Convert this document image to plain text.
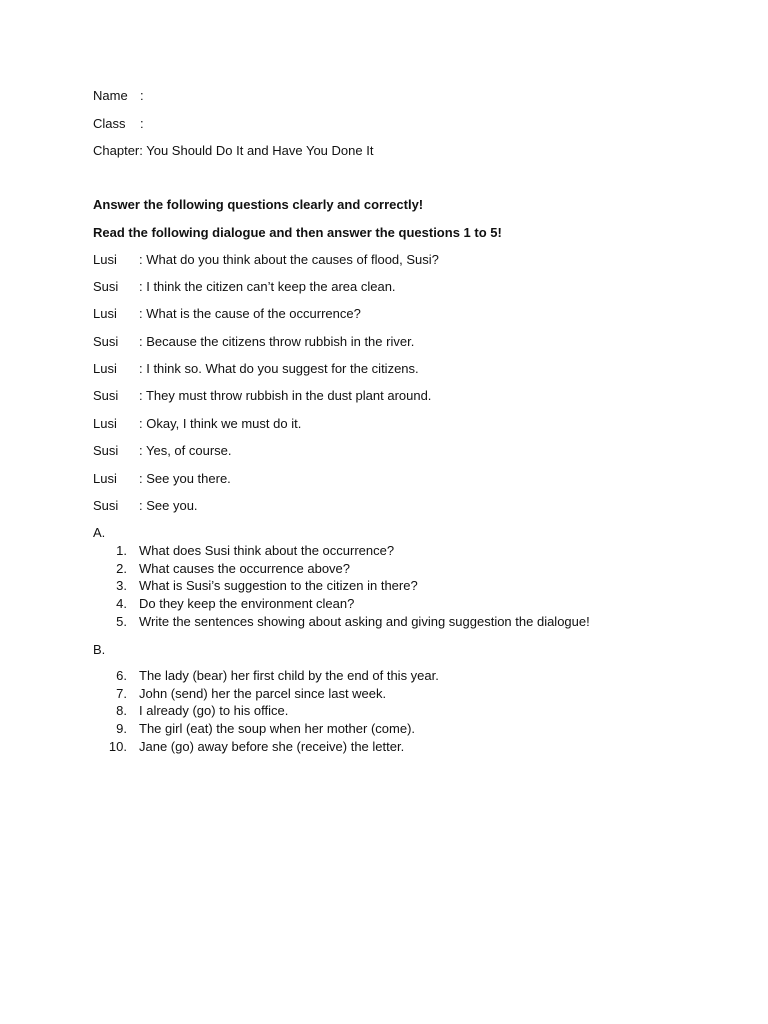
Name :
Class :
Chapter: You Should Do It and Have You Done It
Answer the following questions clearly and correctly!
Read the following dialogue and then answer the questions 1 to 5!
Lusi : What do you think about the causes of flood, Susi?
Susi : I think the citizen can’t keep the area clean.
Lusi : What is the cause of the occurrence?
Susi : Because the citizens throw rubbish in the river.
Lusi : I think so. What do you suggest for the citizens.
Susi : They must throw rubbish in the dust plant around.
Lusi : Okay, I think we must do it.
Susi : Yes, of course.
Lusi : See you there.
Susi : See you.
A.
1. What does Susi think about the occurrence?
2. What causes the occurrence above?
3. What is Susi’s suggestion to the citizen in there?
4. Do they keep the environment clean?
5. Write the sentences showing about asking and giving suggestion the dialogue!
B.
6. The lady (bear) her first child by the end of this year.
7. John (send) her the parcel since last week.
8. I already (go) to his office.
9. The girl (eat) the soup when her mother (come).
10. Jane (go) away before she (receive) the letter.
